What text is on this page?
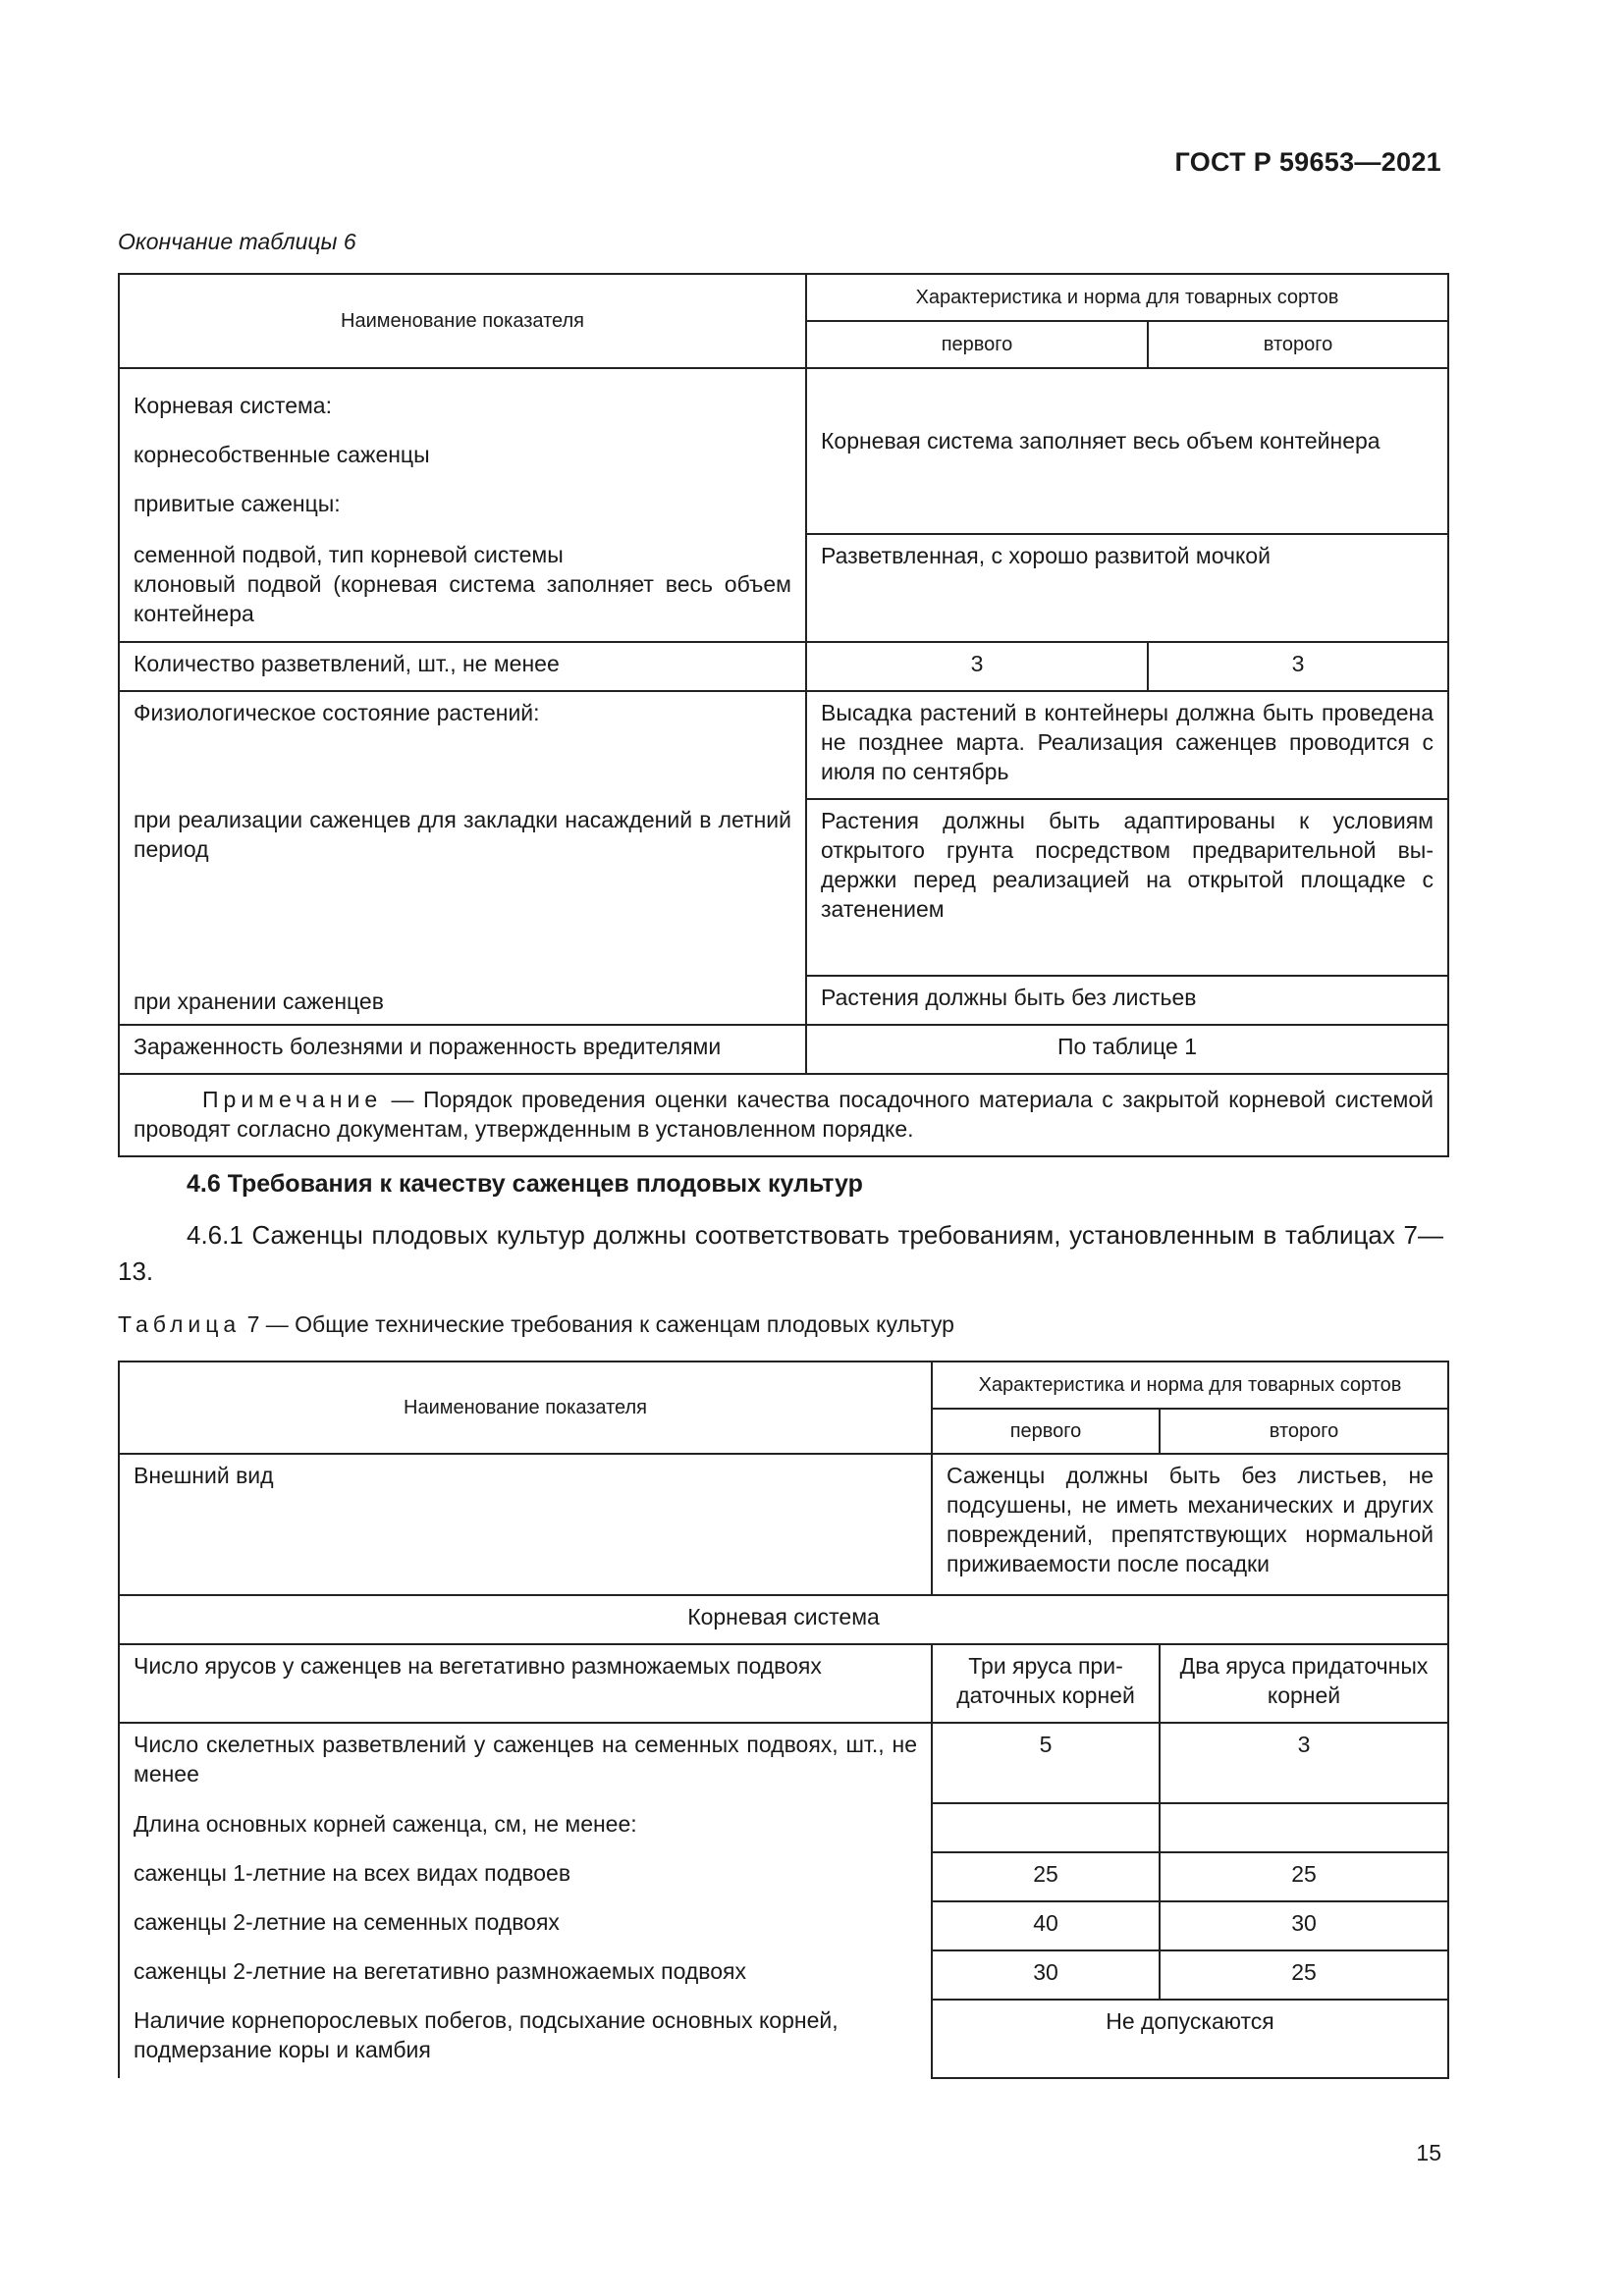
ГОСТ Р 59653—2021
Окончание таблицы 6
Наименование показателя	Характеристика и норма для товарных сортов	
	первого	второго

Корневая система:
корнесобственные саженцы
привитые саженцы:	Корневая система заполняет весь объем контейнера	

семенной подвой, тип корневой системы
клоновый подвой (корневая система заполняет весь объем контейнера	Разветвленная, с хорошо развитой мочкой	
Количество разветвлений, шт., не менее	3	3
Физиологическое состояние растений:	Высадка растений в контейнеры должна быть проведена не позднее марта. Реализация саженцев проводится с июля по сентябрь	
при реализации саженцев для закладки насаждений в летний период	Растения должны быть адаптированы к условиям открытого грунта посредством предварительной выдержки перед реализацией на открытой площадке с затенением	
при хранении саженцев	Растения должны быть без листьев	
Зараженность болезнями и пораженность вредителями	По таблице 1	
Примечание — Порядок проведения оценки качества посадочного материала с закрытой корневой системой проводят согласно документам, утвержденным в установленном порядке.		
4.6 Требования к качеству саженцев плодовых культур
4.6.1 Саженцы плодовых культур должны соответствовать требованиям, установленным в таблицах 7—13.
Таблица 7 — Общие технические требования к саженцам плодовых культур
Наименование показателя	Характеристика и норма для товарных сортов	
	первого	второго
Внешний вид	Саженцы должны быть без листьев, не подсушены, не иметь механических и других повреждений, препятствующих нормальной приживаемости после посадки	
Корневая система		
Число ярусов у саженцев на вегетативно размножаемых подвоях	Три яруса придаточных корней	Два яруса придаточных корней
Число скелетных разветвлений у саженцев на семенных подвоях, шт., не менее	5	3
Длина основных корней саженца, см, не менее:		
саженцы 1-летние на всех видах подвоев	25	25
саженцы 2-летние на семенных подвоях	40	30
саженцы 2-летние на вегетативно размножаемых подвоях	30	25
Наличие корнепорослевых побегов, подсыхание основных корней, подмерзание коры и камбия	Не допускаются	
15
